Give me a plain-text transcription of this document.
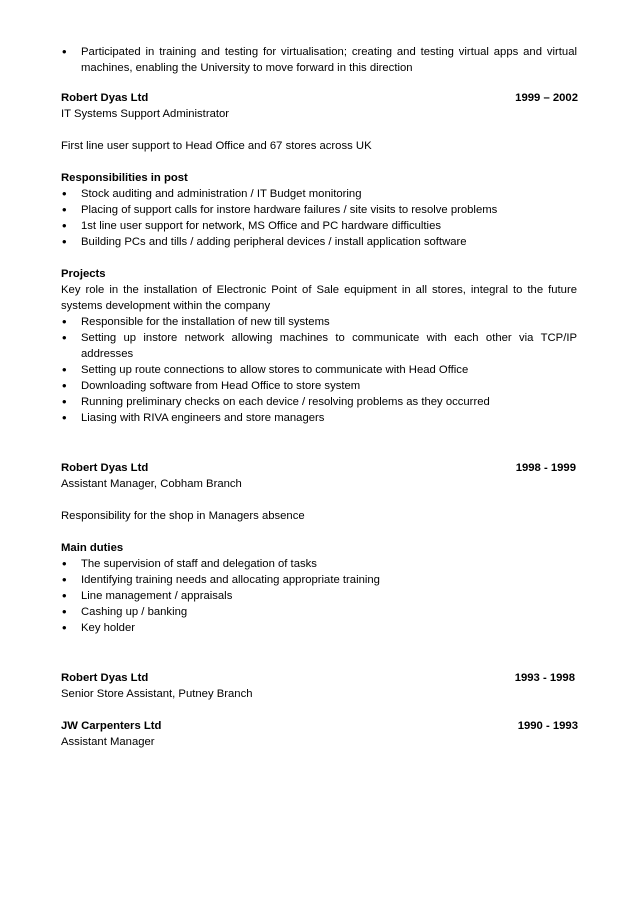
• Participated in training and testing for virtualisation; creating and testing virtual apps and virtual machines, enabling the University to move forward in this direction
Robert Dyas Ltd	1999 – 2002

IT Systems Support Administrator

First line user support to Head Office and 67 stores across UK

Responsibilities in post

• Stock auditing and administration / IT Budget monitoring
• Placing of support calls for instore hardware failures / site visits to resolve problems
• 1st line user support for network, MS Office and PC hardware difficulties
• Building PCs and tills / adding peripheral devices / install application software

Projects

Key role in the installation of Electronic Point of Sale equipment in all stores, integral to the future systems development within the company

• Responsible for the installation of new till systems
• Setting up instore network allowing machines to communicate with each other via TCP/IP addresses
• Setting up route connections to allow stores to communicate with Head Office
• Downloading software from Head Office to store system
• Running preliminary checks on each device / resolving problems as they occurred
• Liasing with RIVA engineers and store managers
Robert Dyas Ltd	1998 - 1999

Assistant Manager, Cobham Branch

Responsibility for the shop in Managers absence

Main duties

• The supervision of staff and delegation of tasks
• Identifying training needs and allocating appropriate training
• Line management / appraisals
• Cashing up / banking
• Key holder
Robert Dyas Ltd	1993 - 1998

Senior Store Assistant, Putney Branch

JW Carpenters Ltd	1990 - 1993

Assistant Manager
